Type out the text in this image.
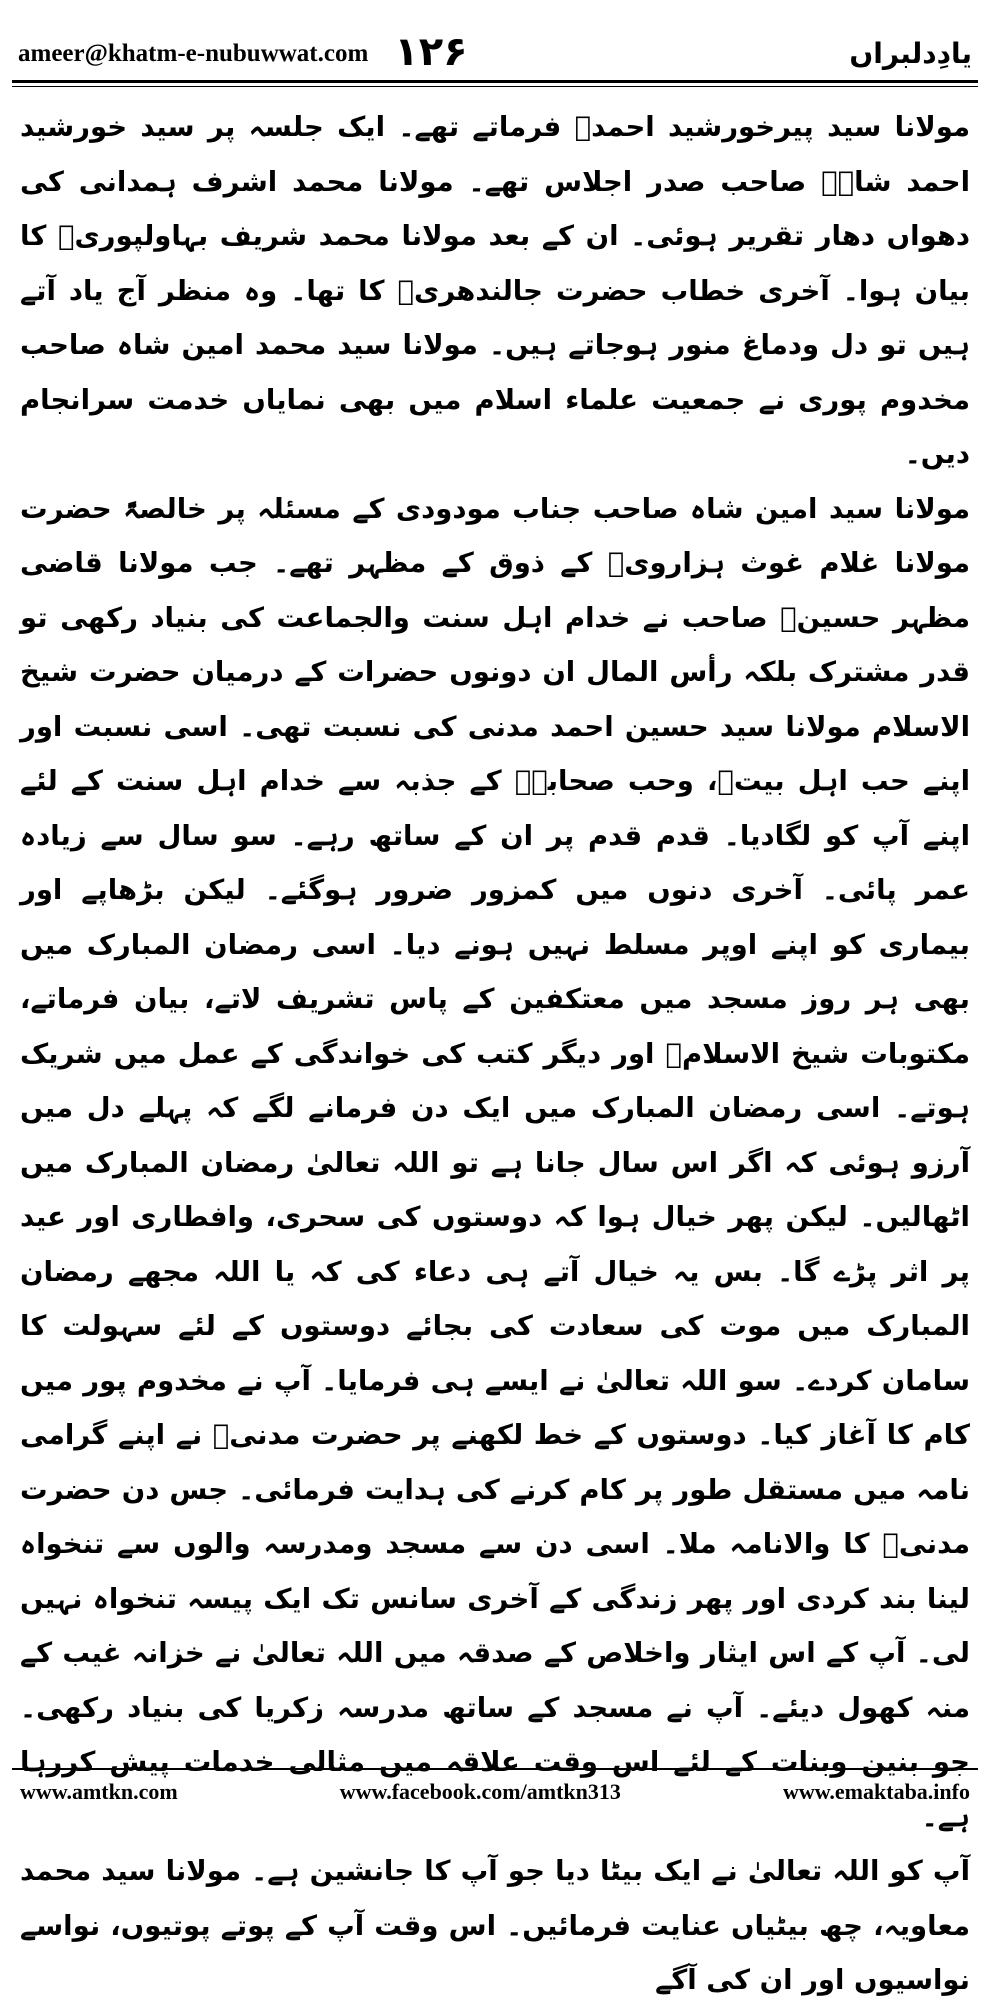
ameer@khatm-e-nubuwwat.com ۱۲۶	یادِدلبراں

مولانا سید پیرخورشید احمدؒ فرماتے تھے۔ ایک جلسہ پر سید خورشید احمد شاہؒ صاحب صدر اجلاس تھے۔ مولانا محمد اشرف ہمدانی کی دھواں دھار تقریر ہوئی۔ ان کے بعد مولانا محمد شریف بہاولپوریؒ کا بیان ہوا۔ آخری خطاب حضرت جالندھریؒ کا تھا۔ وہ منظر آج یاد آتے ہیں تو دل ودماغ منور ہوجاتے ہیں۔ مولانا سید محمد امین شاہ صاحب مخدوم پوری نے جمعیت علماء اسلام میں بھی نمایاں خدمت سرانجام دیں۔

مولانا سید امین شاہ صاحب جناب مودودی کے مسئلہ پر خالصۃً حضرت مولانا غلام غوث ہزارویؒ کے ذوق کے مظہر تھے۔ جب مولانا قاضی مظہر حسینؒ صاحب نے خدام اہل سنت والجماعت کی بنیاد رکھی تو قدر مشترک بلکہ رأس المال ان دونوں حضرات کے درمیان حضرت شیخ الاسلام مولانا سید حسین احمد مدنی کی نسبت تھی۔ اسی نسبت اور اپنے حب اہل بیتؓ، وحب صحابہؓ کے جذبہ سے خدام اہل سنت کے لئے اپنے آپ کو لگادیا۔ قدم قدم پر ان کے ساتھ رہے۔ سو سال سے زیادہ عمر پائی۔ آخری دنوں میں کمزور ضرور ہوگئے۔ لیکن بڑھاپے اور بیماری کو اپنے اوپر مسلط نہیں ہونے دیا۔ اسی رمضان المبارک میں بھی ہر روز مسجد میں معتکفین کے پاس تشریف لاتے، بیان فرماتے، مکتوبات شیخ الاسلامؒ اور دیگر کتب کی خواندگی کے عمل میں شریک ہوتے۔ اسی رمضان المبارک میں ایک دن فرمانے لگے کہ پہلے دل میں آرزو ہوئی کہ اگر اس سال جانا ہے تو اللہ تعالیٰ رمضان المبارک میں اٹھالیں۔ لیکن پھر خیال ہوا کہ دوستوں کی سحری، وافطاری اور عید پر اثر پڑے گا۔ بس یہ خیال آتے ہی دعاء کی کہ یا اللہ مجھے رمضان المبارک میں موت کی سعادت کی بجائے دوستوں کے لئے سہولت کا سامان کردے۔ سو اللہ تعالیٰ نے ایسے ہی فرمایا۔ آپ نے مخدوم پور میں کام کا آغاز کیا۔ دوستوں کے خط لکھنے پر حضرت مدنیؒ نے اپنے گرامی نامہ میں مستقل طور پر کام کرنے کی ہدایت فرمائی۔ جس دن حضرت مدنیؒ کا والانامہ ملا۔ اسی دن سے مسجد ومدرسہ والوں سے تنخواہ لینا بند کردی اور پھر زندگی کے آخری سانس تک ایک پیسہ تنخواہ نہیں لی۔ آپ کے اس ایثار واخلاص کے صدقہ میں اللہ تعالیٰ نے خزانہ غیب کے منہ کھول دیئے۔ آپ نے مسجد کے ساتھ مدرسہ زکریا کی بنیاد رکھی۔ جو بنین وبنات کے لئے اس وقت علاقہ میں مثالی خدمات پیش کررہا ہے۔

آپ کو اللہ تعالیٰ نے ایک بیٹا دیا جو آپ کا جانشین ہے۔ مولانا سید محمد معاویہ، چھ بیٹیاں عنایت فرمائیں۔ اس وقت آپ کے پوتے پوتیوں، نواسے نواسیوں اور ان کی آگے

www.amtkn.com	www.facebook.com/amtkn313	www.emaktaba.info
